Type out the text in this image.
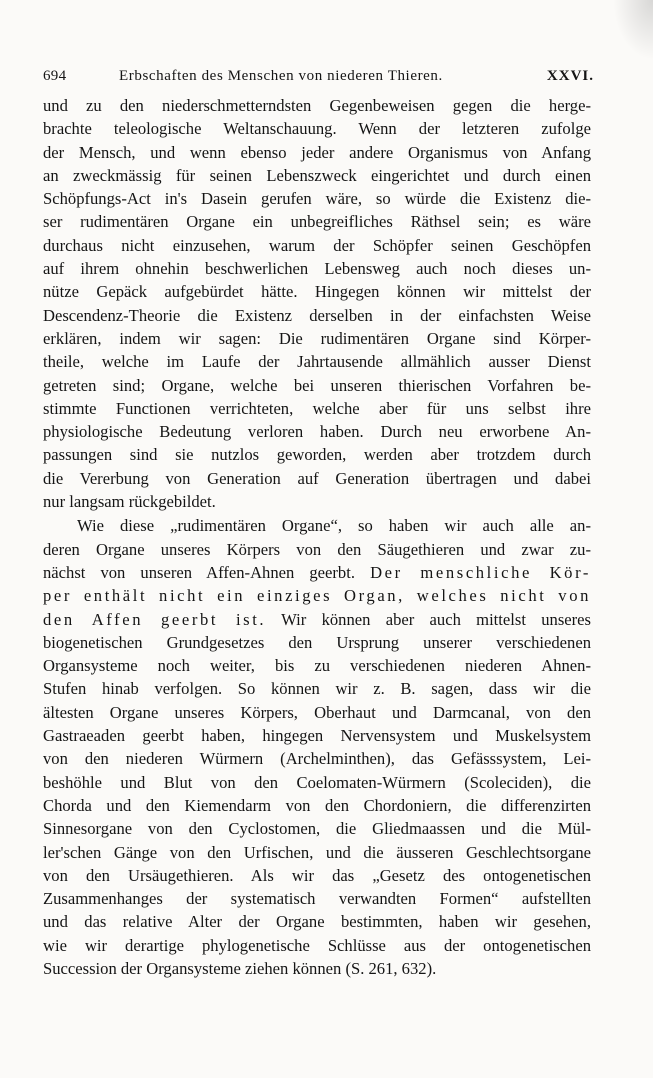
694	Erbschaften des Menschen von niederen Thieren.	XXVI.
und zu den niederschmetterndsten Gegenbeweisen gegen die herge-
brachte teleologische Weltanschauung. Wenn der letzteren zufolge
der Mensch, und wenn ebenso jeder andere Organismus von Anfang
an zweckmässig für seinen Lebenszweck eingerichtet und durch einen
Schöpfungs-Act in's Dasein gerufen wäre, so würde die Existenz die-
ser rudimentären Organe ein unbegreifliches Räthsel sein; es wäre
durchaus nicht einzusehen, warum der Schöpfer seinen Geschöpfen
auf ihrem ohnehin beschwerlichen Lebensweg auch noch dieses un-
nütze Gepäck aufgebürdet hätte. Hingegen können wir mittelst der
Descendenz-Theorie die Existenz derselben in der einfachsten Weise
erklären, indem wir sagen: Die rudimentären Organe sind Körper-
theile, welche im Laufe der Jahrtausende allmählich ausser Dienst
getreten sind; Organe, welche bei unseren thierischen Vorfahren be-
stimmte Functionen verrichteten, welche aber für uns selbst ihre
physiologische Bedeutung verloren haben. Durch neu erworbene An-
passungen sind sie nutzlos geworden, werden aber trotzdem durch
die Vererbung von Generation auf Generation übertragen und dabei
nur langsam rückgebildet.
Wie diese „rudimentären Organe“, so haben wir auch alle an-
deren Organe unseres Körpers von den Säugethieren und zwar zu-
nächst von unseren Affen-Ahnen geerbt. Der menschliche Kör-
per enthält nicht ein einziges Organ, welches nicht von
den Affen geerbt ist. Wir können aber auch mittelst unseres
biogenetischen Grundgesetzes den Ursprung unserer verschiedenen
Organsysteme noch weiter, bis zu verschiedenen niederen Ahnen-
Stufen hinab verfolgen. So können wir z. B. sagen, dass wir die
ältesten Organe unseres Körpers, Oberhaut und Darmcanal, von den
Gastraeaden geerbt haben, hingegen Nervensystem und Muskelsystem
von den niederen Würmern (Archelminthen), das Gefässsystem, Lei-
beshöhle und Blut von den Coelomaten-Würmern (Scoleciden), die
Chorda und den Kiemendarm von den Chordoniern, die differenzirten
Sinnesorgane von den Cyclostomen, die Gliedmaassen und die Mül-
ler'schen Gänge von den Urfischen, und die äusseren Geschlechtsorgane
von den Ursäugethieren. Als wir das „Gesetz des ontogenetischen
Zusammenhanges der systematisch verwandten Formen“ aufstellten
und das relative Alter der Organe bestimmten, haben wir gesehen,
wie wir derartige phylogenetische Schlüsse aus der ontogenetischen
Succession der Organsysteme ziehen können (S. 261, 632).
